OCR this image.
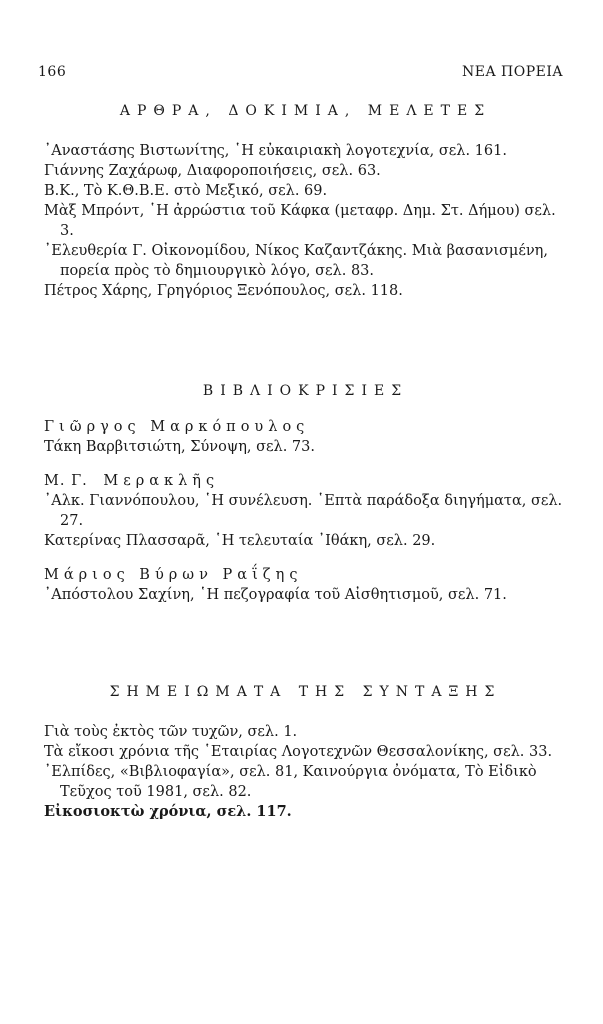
166	ΝΕΑ ΠΟΡΕΙΑ
ΑΡΘΡΑ, ΔΟΚΙΜΙΑ, ΜΕΛΕΤΕΣ
᾿Αναστάσης Βιστωνίτης, ῾Η εὐκαιριακὴ λογοτεχνία, σελ. 161.
Γιάννης Ζαχάρωφ, Διαφοροποιήσεις, σελ. 63.
Β.Κ., Τὸ Κ.Θ.Β.Ε. στὸ Μεξικό, σελ. 69.
Μὰξ Μπρόντ, ῾Η ἀρρώστια τοῦ Κάφκα (μεταφρ. Δημ. Στ. Δήμου) σελ. 3.
᾿Ελευθερία Γ. Οἰκονομίδου, Νίκος Καζαντζάκης. Μιὰ βασανισμένη, πορεία πρὸς τὸ δημιουργικὸ λόγο, σελ. 83.
Πέτρος Χάρης, Γρηγόριος Ξενόπουλος, σελ. 118.
ΒΙΒΛΙΟΚΡΙΣΙΕΣ
Γιῶργος Μαρκόπουλος
Τάκη Βαρβιτσιώτη, Σύνοψη, σελ. 73.
Μ. Γ. Μερακλῆς
᾿Αλκ. Γιαννόπουλου, ῾Η συνέλευση. ῾Επτὰ παράδοξα διηγήματα, σελ. 27.
Κατερίνας Πλασσαρᾶ, ῾Η τελευταία ᾿Ιθάκη, σελ. 29.
Μάριος Βύρων Ραΐζης
᾿Απόστολου Σαχίνη, ῾Η πεζογραφία τοῦ Αἰσθητισμοῦ, σελ. 71.
ΣΗΜΕΙΩΜΑΤΑ ΤΗΣ ΣΥΝΤΑΞΗΣ
Γιὰ τοὺς ἐκτὸς τῶν τυχῶν, σελ. 1.
Τὰ εἴκοσι χρόνια τῆς ῾Εταιρίας Λογοτεχνῶν Θεσσαλονίκης, σελ. 33.
᾿Ελπίδες, «Βιβλιοφαγία», σελ. 81, Καινούργια ὀνόματα, Τὸ Εἰδικὸ Τεῦχος τοῦ 1981, σελ. 82.
Εἰκοσιοκτὼ χρόνια, σελ. 117.
